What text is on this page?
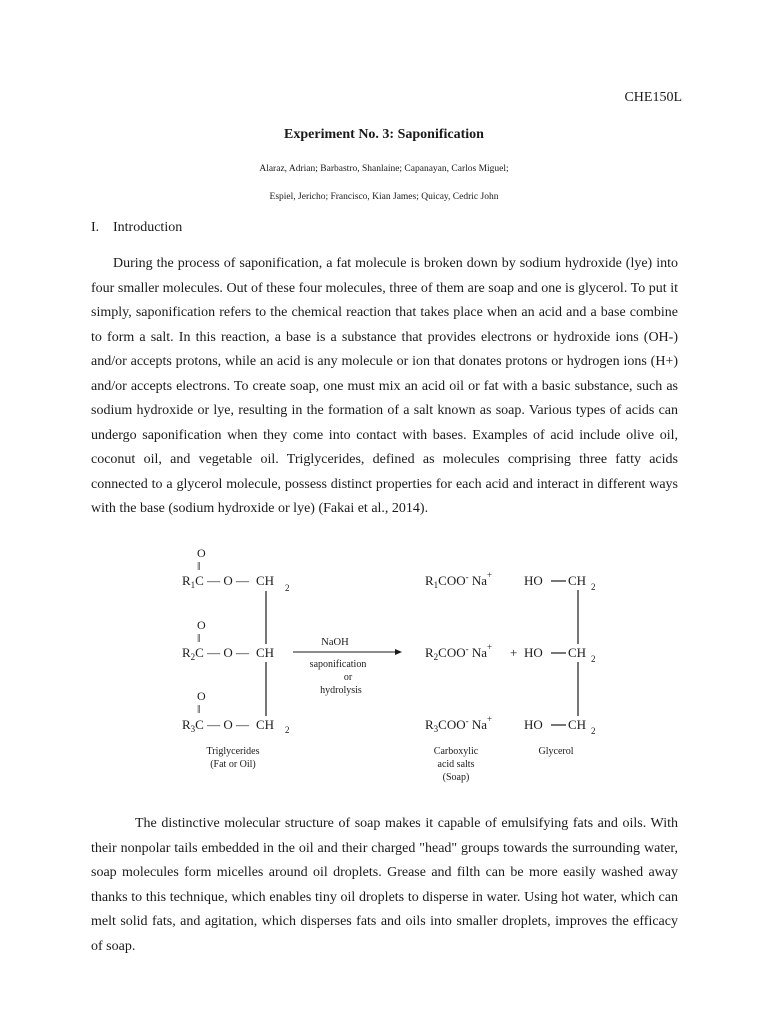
CHE150L
Experiment No. 3: Saponification
Alaraz, Adrian; Barbastro, Shanlaine; Capanayan, Carlos Miguel;
Espiel, Jericho; Francisco, Kian James; Quicay, Cedric John
I. Introduction

During the process of saponification, a fat molecule is broken down by sodium hydroxide (lye) into four smaller molecules. Out of these four molecules, three of them are soap and one is glycerol. To put it simply, saponification refers to the chemical reaction that takes place when an acid and a base combine to form a salt. In this reaction, a base is a substance that provides electrons or hydroxide ions (OH-) and/or accepts protons, while an acid is any molecule or ion that donates protons or hydrogen ions (H+) and/or accepts electrons. To create soap, one must mix an acid oil or fat with a basic substance, such as sodium hydroxide or lye, resulting in the formation of a salt known as soap. Various types of acids can undergo saponification when they come into contact with bases. Examples of acid include olive oil, coconut oil, and vegetable oil. Triglycerides, defined as molecules comprising three fatty acids connected to a glycerol molecule, possess distinct properties for each acid and interact in different ways with the base (sodium hydroxide or lye) (Fakai et al., 2014).

O
‖
$R_1C$ — O — CH 2
O
‖
$R_2C$ — O — CH
O
‖
$R_3C$ — O — CH 2
NaOH
saponification
or
hydrolysis
$R_1COO^-$ Na+
$R_2COO^-$ Na+
$R_3COO^-$ Na+
+
HO CH 2
HO CH 2
HO CH 2
Triglycerides
(Fat or Oil)
Carboxylic
acid salts
(Soap)
Glycerol

The distinctive molecular structure of soap makes it capable of emulsifying fats and oils. With their nonpolar tails embedded in the oil and their charged "head" groups towards the surrounding water, soap molecules form micelles around oil droplets. Grease and filth can be more easily washed away thanks to this technique, which enables tiny oil droplets to disperse in water. Using hot water, which can melt solid fats, and agitation, which disperses fats and oils into smaller droplets, improves the efficacy of soap.
